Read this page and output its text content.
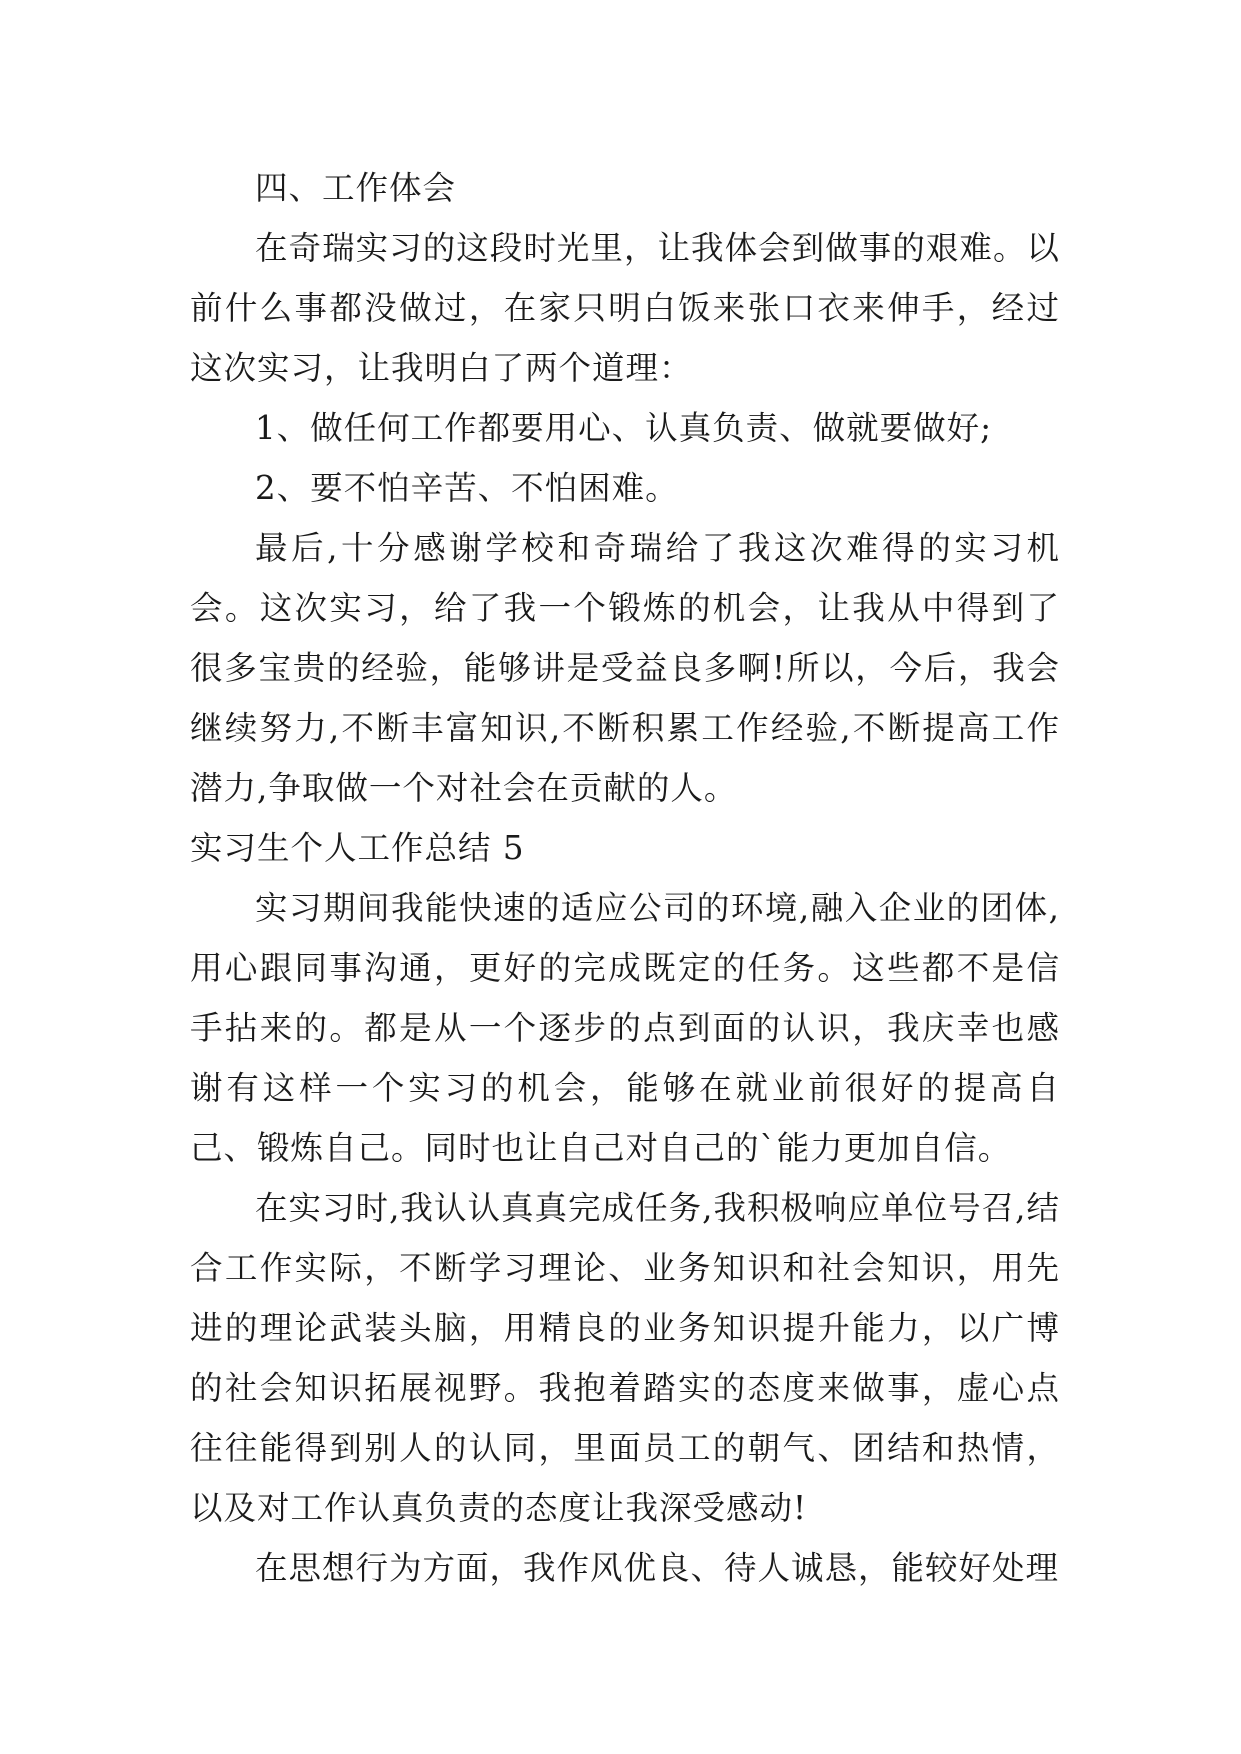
四、工作体会

在奇瑞实习的这段时光里，让我体会到做事的艰难。以前什么事都没做过，在家只明白饭来张口衣来伸手，经过这次实习，让我明白了两个道理：

1、做任何工作都要用心、认真负责、做就要做好;

2、要不怕辛苦、不怕困难。

最后,十分感谢学校和奇瑞给了我这次难得的实习机会。这次实习，给了我一个锻炼的机会，让我从中得到了很多宝贵的经验，能够讲是受益良多啊!所以，今后，我会继续努力,不断丰富知识,不断积累工作经验,不断提高工作潜力,争取做一个对社会在贡献的人。

实习生个人工作总结 5

实习期间我能快速的适应公司的环境,融入企业的团体,用心跟同事沟通，更好的完成既定的任务。这些都不是信手拈来的。都是从一个逐步的点到面的认识，我庆幸也感谢有这样一个实习的机会，能够在就业前很好的提高自己、锻炼自己。同时也让自己对自己的`能力更加自信。

在实习时,我认认真真完成任务,我积极响应单位号召,结合工作实际，不断学习理论、业务知识和社会知识，用先进的理论武装头脑，用精良的业务知识提升能力，以广博的社会知识拓展视野。我抱着踏实的态度来做事，虚心点往往能得到别人的认同，里面员工的朝气、团结和热情，以及对工作认真负责的态度让我深受感动!

在思想行为方面，我作风优良、待人诚恳，能较好处理
